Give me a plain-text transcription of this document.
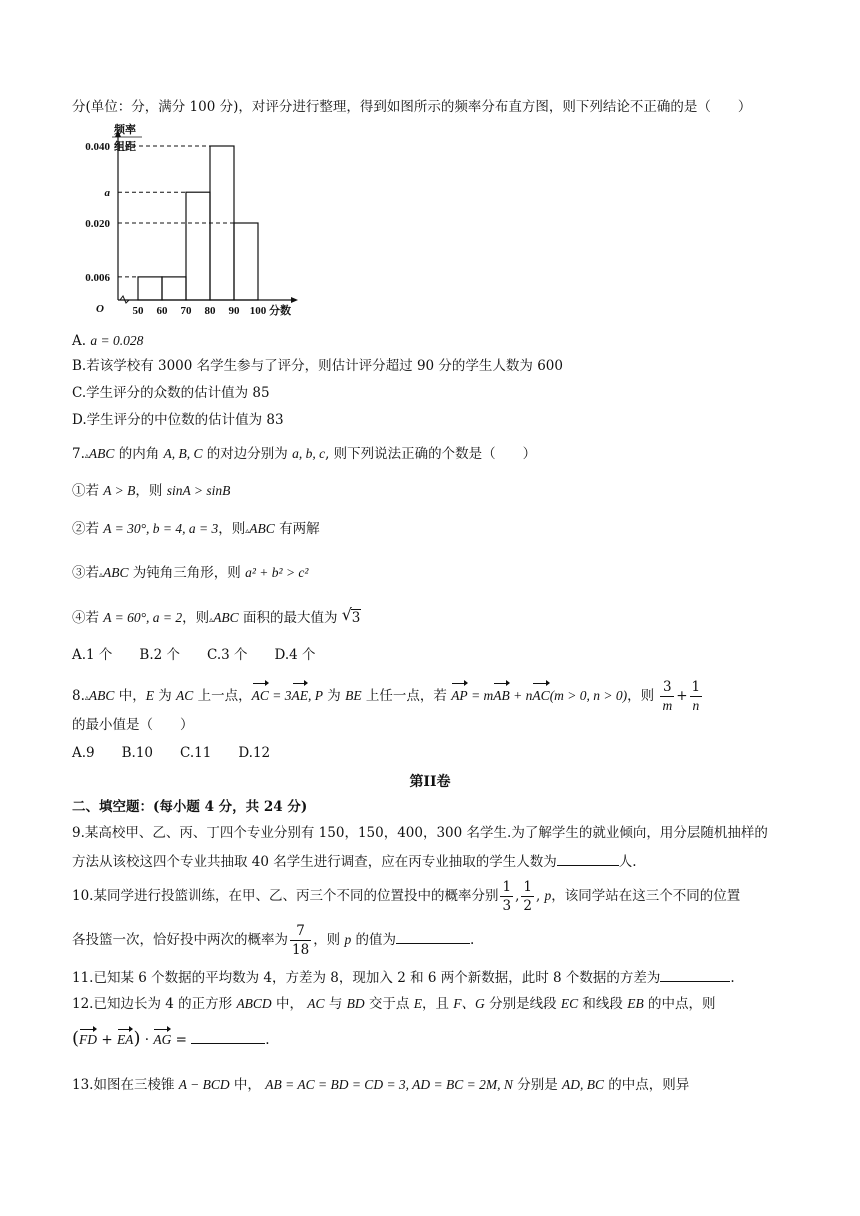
分(单位：分，满分 100 分)，对评分进行整理，得到如图所示的频率分布直方图，则下列结论不正确的是（　　）
频率
组距
O
0.006
0.020
a
0.040
50 60 70 80 90 100 分数
A. a = 0.028
B.若该学校有 3000 名学生参与了评分，则估计评分超过 90 分的学生人数为 600
C.学生评分的众数的估计值为 85
D.学生评分的中位数的估计值为 83
7.▵ABC 的内角 A, B, C 的对边分别为 a, b, c, 则下列说法正确的个数是（　　）
①若 A > B，则 sinA > sinB
②若 A = 30°, b = 4, a = 3，则▵ABC 有两解
③若▵ABC 为钝角三角形，则 a² + b² > c²
④若 A = 60°, a = 2，则▵ABC 面积的最大值为 √ 3
A.1 个　　B.2 个　　C.3 个　　D.4 个
8.▵ABC 中，E 为 AC 上一点，AC = 3AE, P 为 BE 上任一点，若 AP = mAB + nAC(m > 0, n > 0)，则 $\frac{3}{m} + \frac{1}{n}$
的最小值是（　　）
A.9　　B.10　　C.11　　D.12
第II卷
二、填空题：(每小题 4 分，共 24 分)
9.某高校甲、乙、丙、丁四个专业分别有 150，150，400，300 名学生.为了解学生的就业倾向，用分层随机抽样的
方法从该校这四个专业共抽取 40 名学生进行调查，应在丙专业抽取的学生人数为	人.
10.某同学进行投篮训练，在甲、乙、丙三个不同的位置投中的概率分别 $\frac{1}{3}$ , $\frac{1}{2}$ , p，该同学站在这三个不同的位置
各投篮一次，恰好投中两次的概率为 $\frac{7}{18}$ ，则 p 的值为	.
11.已知某 6 个数据的平均数为 4，方差为 8，现加入 2 和 6 两个新数据，此时 8 个数据的方差为	.
12.已知边长为 4 的正方形 ABCD 中， AC 与 BD 交于点 E，且 F、G 分别是线段 EC 和线段 EB 的中点，则
(FD + EA) · AG =	.
13.如图在三棱锥 A − BCD 中， AB = AC = BD = CD = 3, AD = BC = 2M, N 分别是 AD, BC 的中点，则异
